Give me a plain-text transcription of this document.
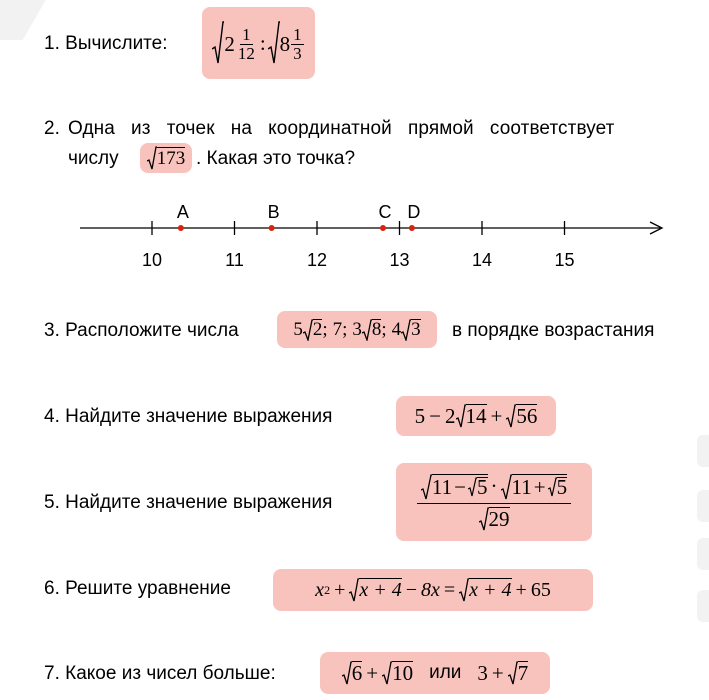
1. Вычислите:	$2 \frac{1}{12}$ : $8 \frac{1}{3}$
2. Одна   из   точек   на   координатной   прямой   соответствует
числу 173 . Какая это точка?
10	11	12	13	14	15
A	B	C D
3. Расположите числа	5 2 ; 7 ; 3 8 ; 4 3 в порядке возрастания
4. Найдите значение выражения	5 − 2 14 + 56
5. Найдите значение выражения
11 − 5 · 11 + 5
29
6. Решите уравнение	x 2 + x + 4 − 8x = x + 4 + 65
7. Какое из чисел больше:	6 + 10 или 3 + 7
